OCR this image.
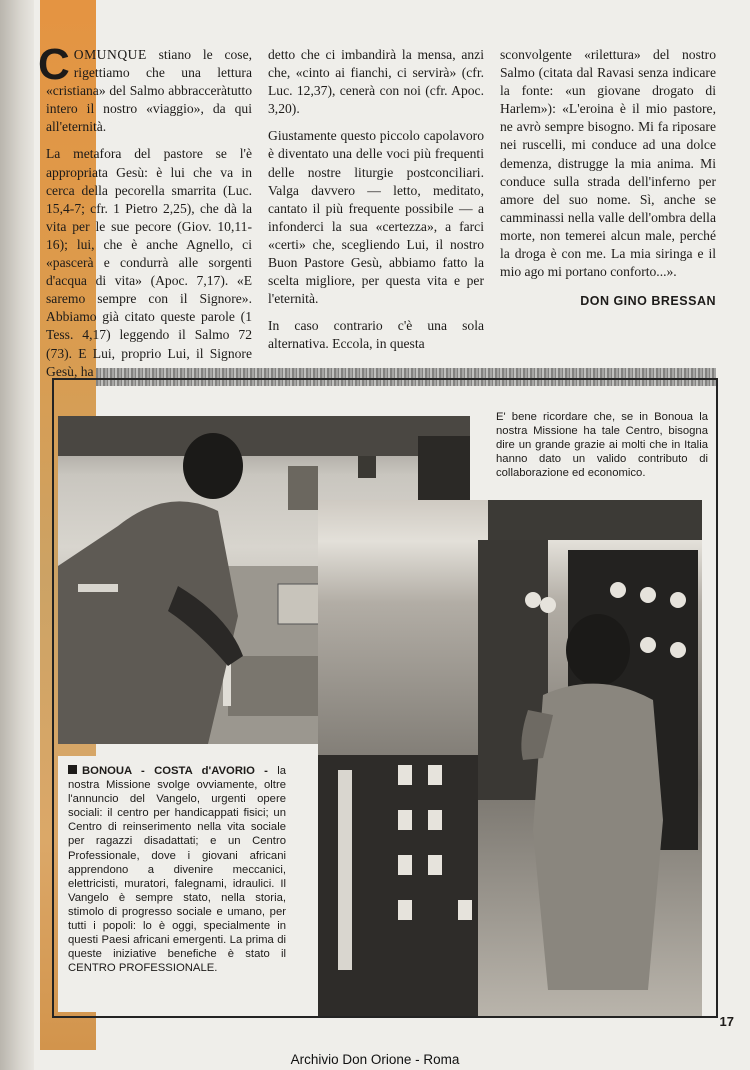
COMUNQUE stiano le cose, rigettiamo che una lettura «cristiana» del Salmo abbracceràtutto intero il nostro «viaggio», da qui all'eternità.

La metafora del pastore se l'è appropriata Gesù: è lui che va in cerca della pecorella smarrita (Luc. 15,4-7; cfr. 1 Pietro 2,25), che dà la vita per le sue pecore (Giov. 10,11-16); lui, che è anche Agnello, ci «pascerà e condurrà alle sorgenti d'acqua di vita» (Apoc. 7,17). «E saremo sempre con il Signore». Abbiamo già citato queste parole (1 Tess. 4,17) leggendo il Salmo 72 (73). E Lui, proprio Lui, il Signore Gesù, ha

detto che ci imbandirà la mensa, anzi che, «cinto ai fianchi, ci servirà» (cfr. Luc. 12,37), cenerà con noi (cfr. Apoc. 3,20).

Giustamente questo piccolo capolavoro è diventato una delle voci più frequenti delle nostre liturgie postconciliari. Valga davvero — letto, meditato, cantato il più frequente possibile — a infonderci la sua «certezza», a farci «certi» che, scegliendo Lui, il nostro Buon Pastore Gesù, abbiamo fatto la scelta migliore, per questa vita e per l'eternità.

In caso contrario c'è una sola alternativa. Eccola, in questa

sconvolgente «rilettura» del nostro Salmo (citata dal Ravasi senza indicare la fonte: «un giovane drogato di Harlem»): «L'eroina è il mio pastore, ne avrò sempre bisogno. Mi fa riposare nei ruscelli, mi conduce ad una dolce demenza, distrugge la mia anima. Mi conduce sulla strada dell'inferno per amore del suo nome. Sì, anche se camminassi nella valle dell'ombra della morte, non temerei alcun male, perché la droga è con me. La mia siringa e il mio ago mi portano conforto...».

DON GINO BRESSAN
E' bene ricordare che, se in Bonoua la nostra Missione ha tale Centro, bisogna dire un grande grazie ai molti che in Italia hanno dato un valido contributo di collaborazione ed economico.
BONOUA - COSTA d'AVORIO - la nostra Missione svolge ovviamente, oltre l'annuncio del Vangelo, urgenti opere sociali: il centro per handicappati fisici; un Centro di reinserimento nella vita sociale per ragazzi disadattati; e un Centro Professionale, dove i giovani africani apprendono a divenire meccanici, elettricisti, muratori, falegnami, idraulici. Il Vangelo è sempre stato, nella storia, stimolo di progresso sociale e umano, per tutti i popoli: lo è oggi, specialmente in questi Paesi africani emergenti. La prima di queste iniziative benefiche è stato il CENTRO PROFESSIONALE.
17
Archivio Don Orione - Roma
